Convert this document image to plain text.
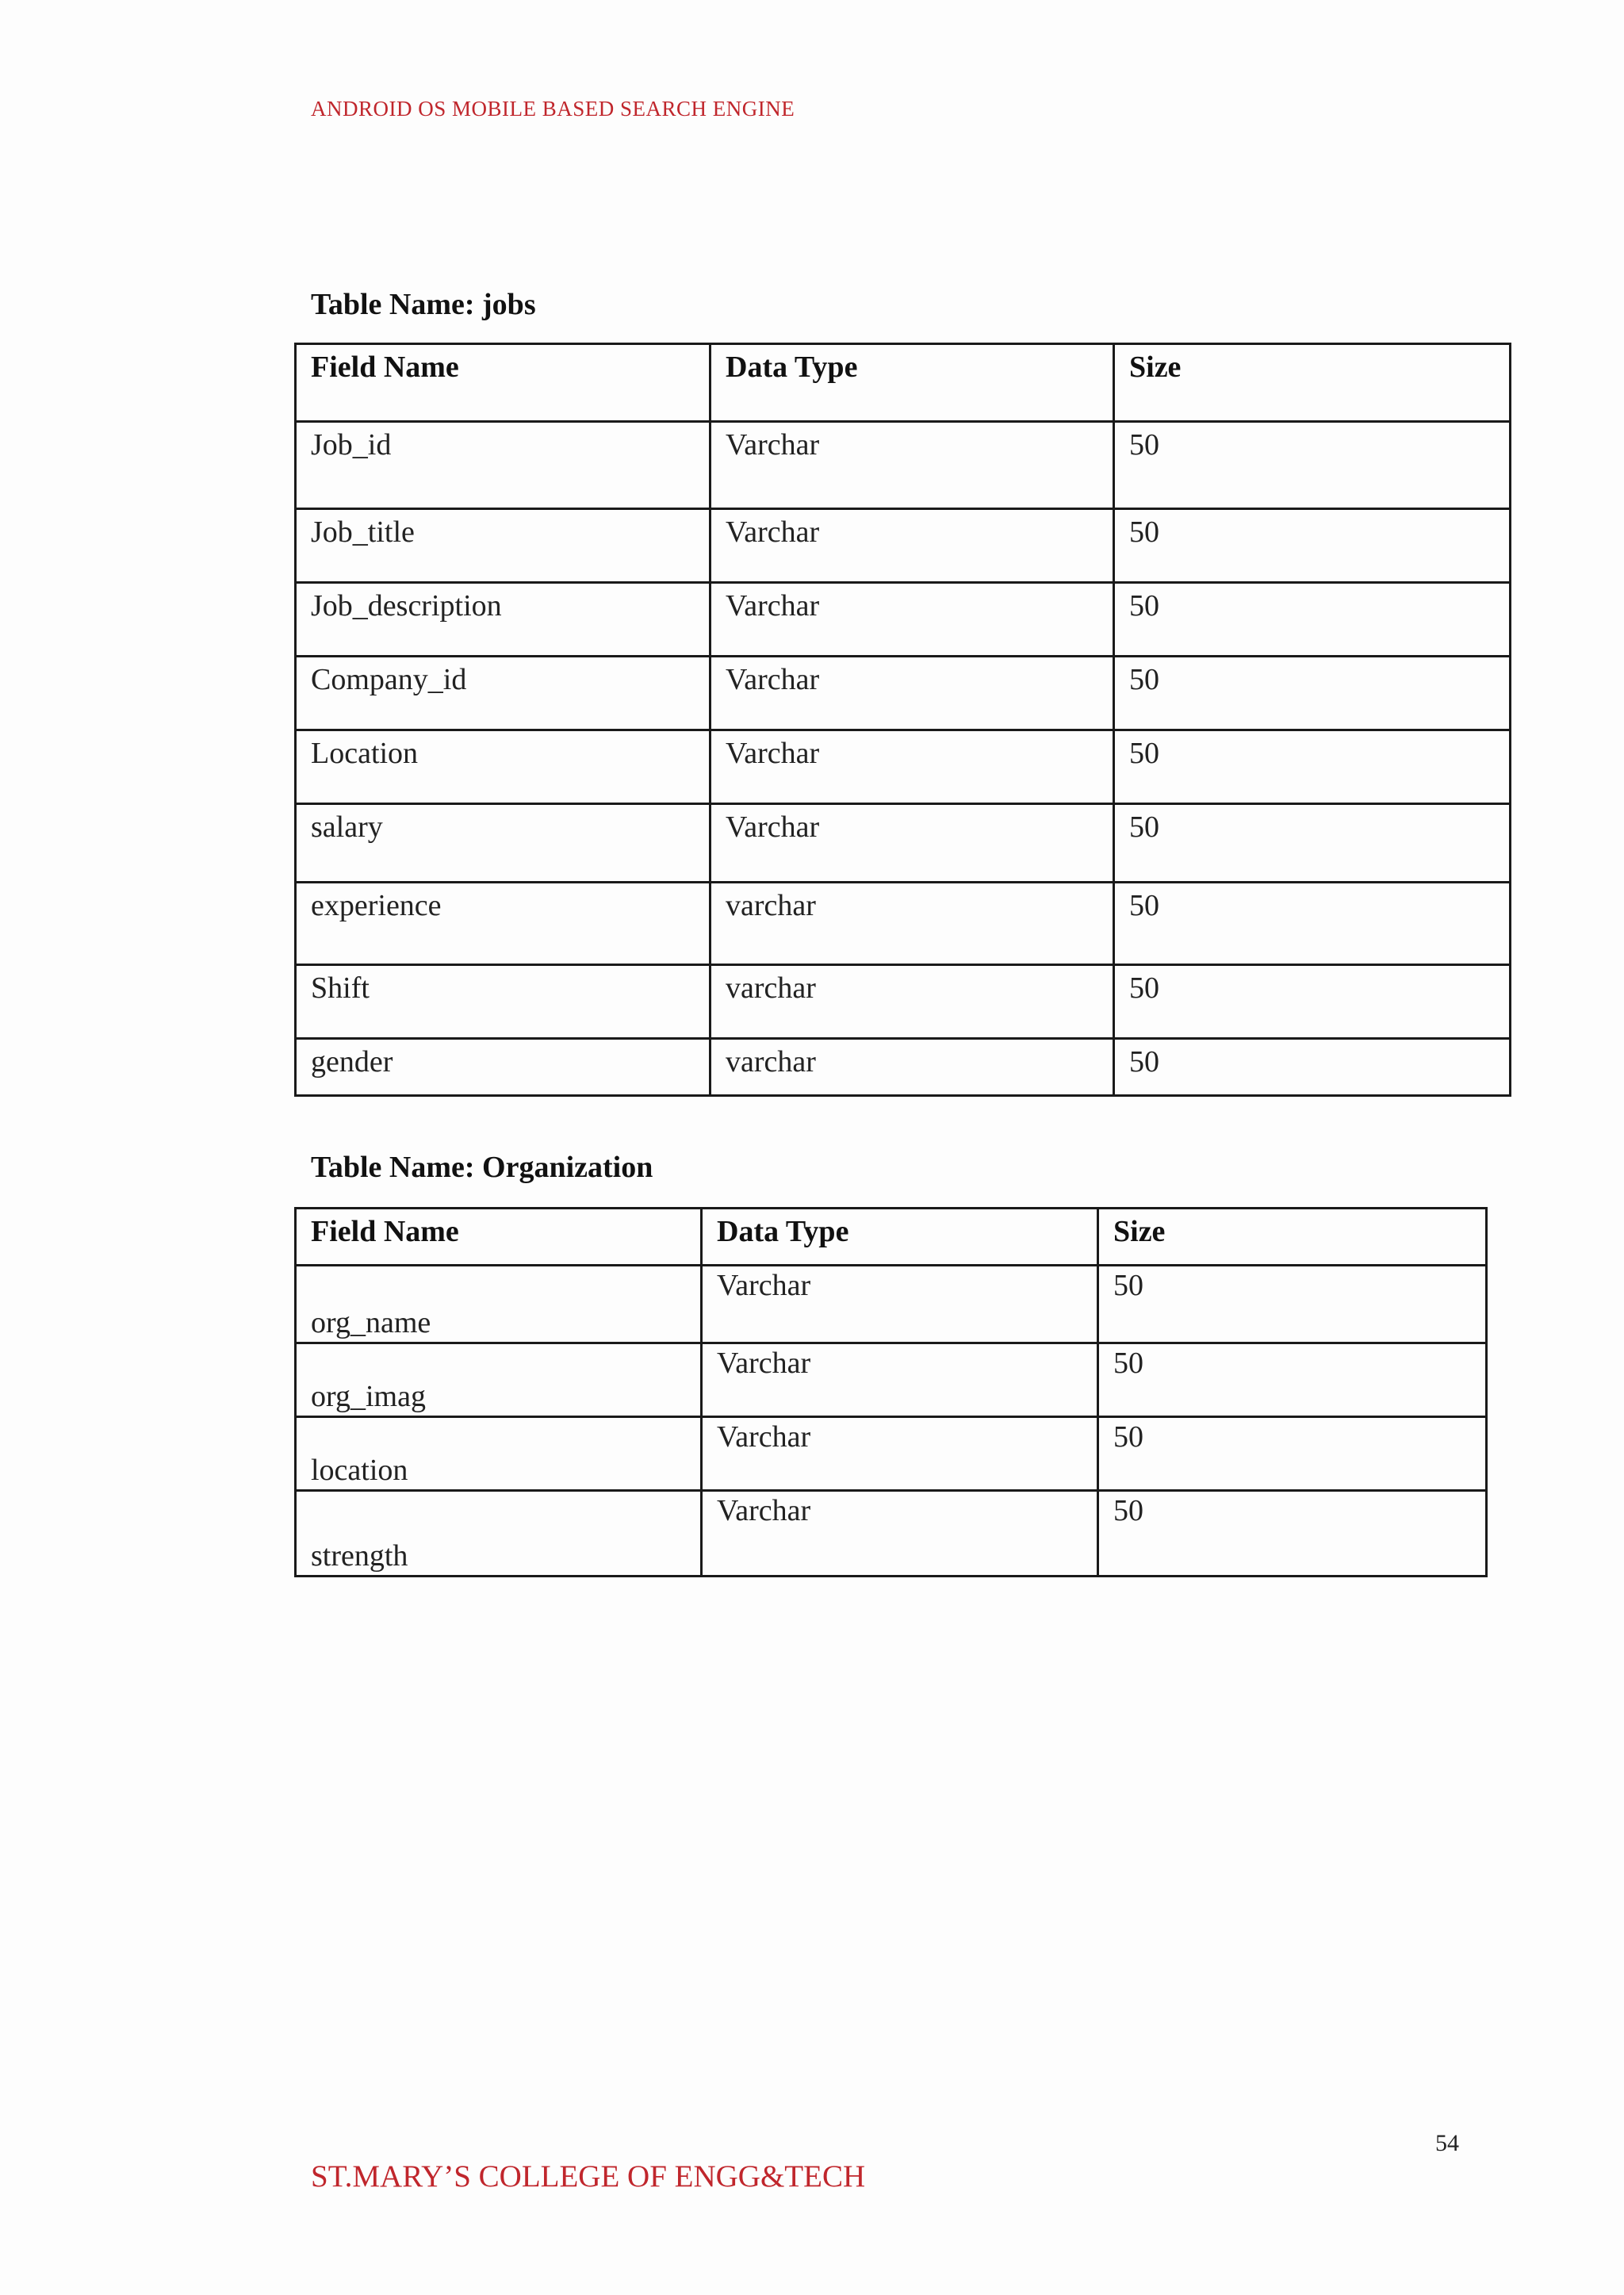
ANDROID OS MOBILE BASED SEARCH ENGINE
Table Name: jobs
Field Name	Data Type	Size
Job_id	Varchar	50
Job_title	Varchar	50
Job_description	Varchar	50
Company_id	Varchar	50
Location	Varchar	50
salary	Varchar	50
experience	varchar	50
Shift	varchar	50
gender	varchar	50
Table Name: Organization
Field Name	Data Type	Size
org_name	Varchar	50
org_imag	Varchar	50
location	Varchar	50
strength	Varchar	50
54
ST.MARY’S COLLEGE OF ENGG&TECH
